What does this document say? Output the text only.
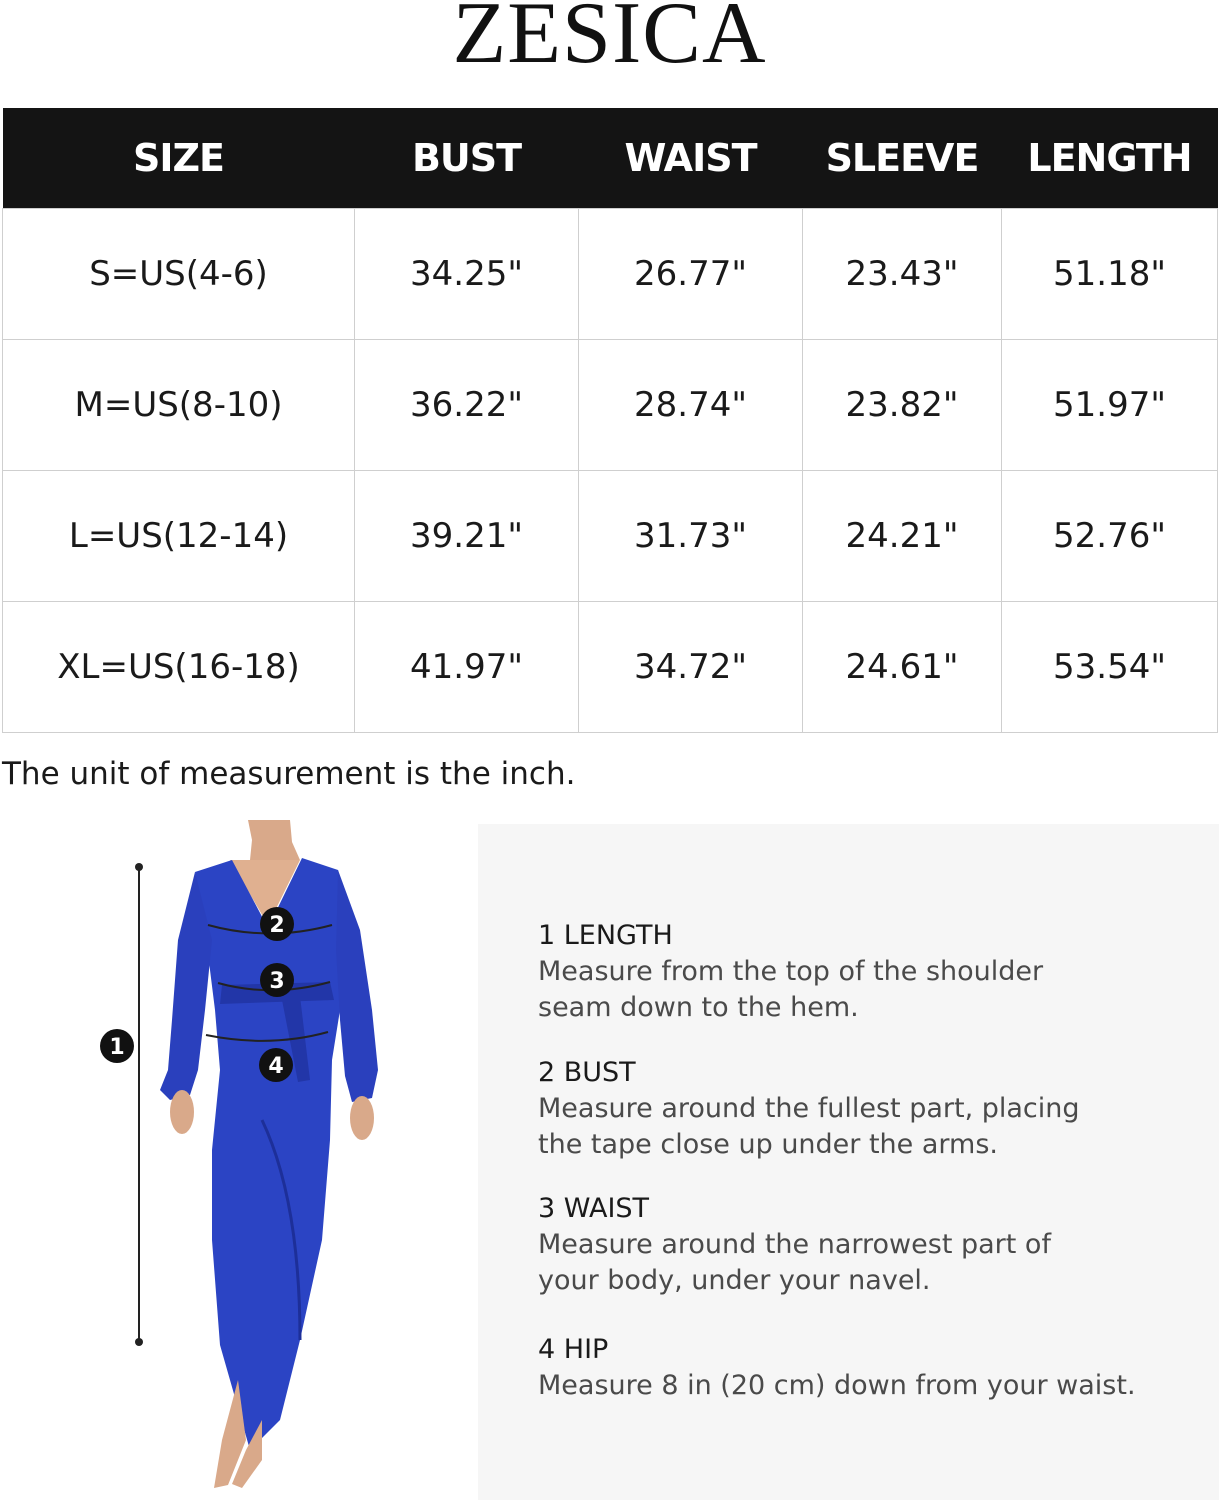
ZESICA
SIZE	BUST	WAIST	SLEEVE	LENGTH
S=US(4-6)	34.25"	26.77"	23.43"	51.18"
M=US(8-10)	36.22"	28.74"	23.82"	51.97"
L=US(12-14)	39.21"	31.73"	24.21"	52.76"
XL=US(16-18)	41.97"	34.72"	24.61"	53.54"
The unit of measurement is the inch.
1
2
3
4
1 LENGTH
Measure from the top of the shoulder
seam down to the hem.
2 BUST
Measure around the fullest part, placing
the tape close up under the arms.
3 WAIST
Measure around the narrowest part of
your body, under your navel.
4 HIP
Measure 8 in (20 cm) down from your waist.
